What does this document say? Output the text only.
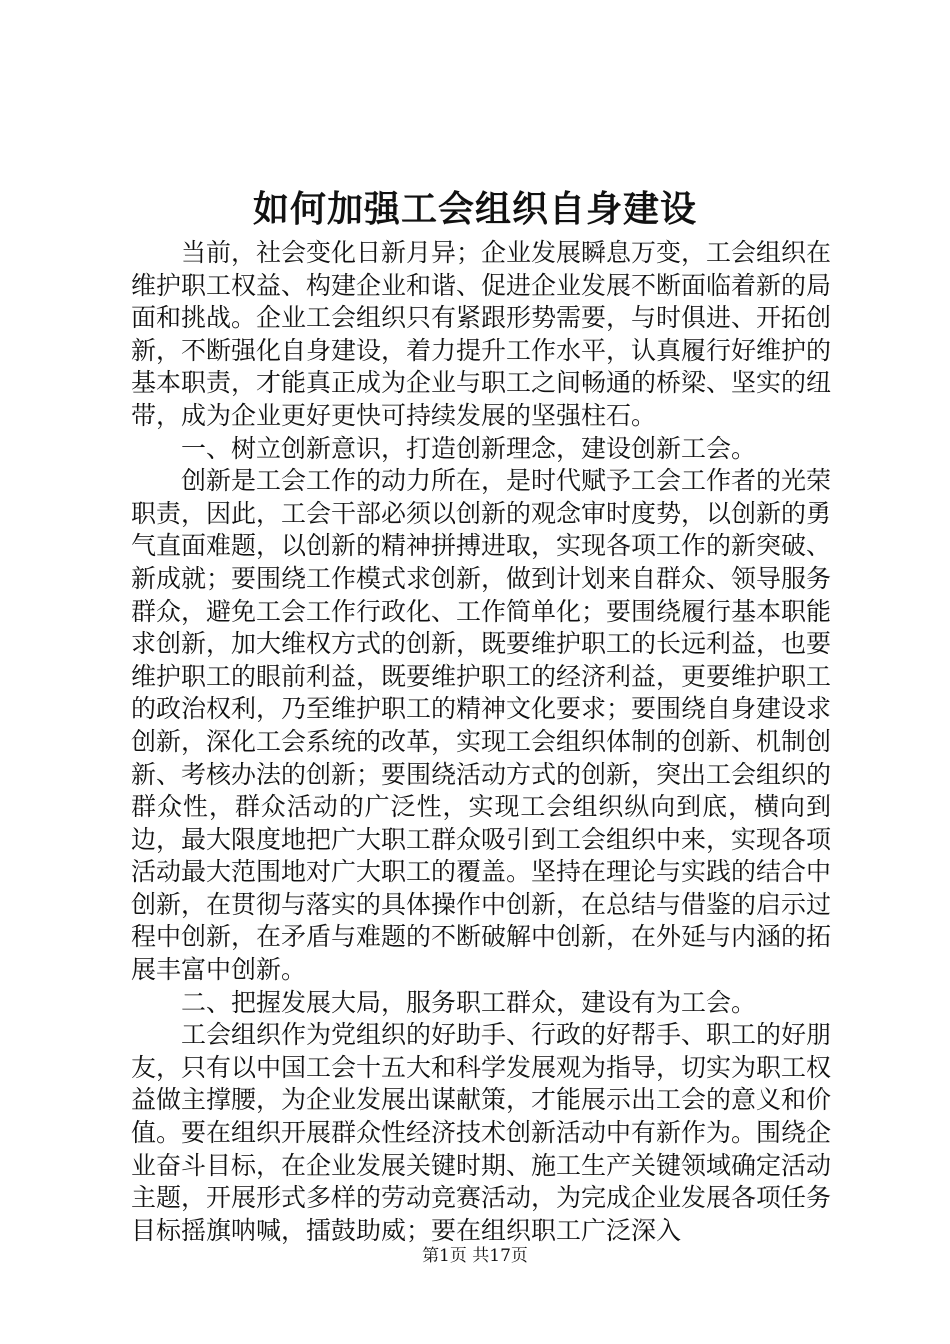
如何加强工会组织自身建设

当前，社会变化日新月异；企业发展瞬息万变，工会组织在维护职工权益、构建企业和谐、促进企业发展不断面临着新的局面和挑战。企业工会组织只有紧跟形势需要，与时俱进、开拓创新，不断强化自身建设，着力提升工作水平，认真履行好维护的基本职责，才能真正成为企业与职工之间畅通的桥梁、坚实的纽带，成为企业更好更快可持续发展的坚强柱石。

一、树立创新意识，打造创新理念，建设创新工会。

创新是工会工作的动力所在，是时代赋予工会工作者的光荣职责，因此，工会干部必须以创新的观念审时度势，以创新的勇气直面难题，以创新的精神拼搏进取，实现各项工作的新突破、新成就；要围绕工作模式求创新，做到计划来自群众、领导服务群众，避免工会工作行政化、工作简单化；要围绕履行基本职能求创新，加大维权方式的创新，既要维护职工的长远利益，也要维护职工的眼前利益，既要维护职工的经济利益，更要维护职工的政治权利，乃至维护职工的精神文化要求；要围绕自身建设求创新，深化工会系统的改革，实现工会组织体制的创新、机制创新、考核办法的创新；要围绕活动方式的创新，突出工会组织的群众性，群众活动的广泛性，实现工会组织纵向到底，横向到边，最大限度地把广大职工群众吸引到工会组织中来，实现各项活动最大范围地对广大职工的覆盖。坚持在理论与实践的结合中创新，在贯彻与落实的具体操作中创新，在总结与借鉴的启示过程中创新，在矛盾与难题的不断破解中创新，在外延与内涵的拓展丰富中创新。

二、把握发展大局，服务职工群众，建设有为工会。

工会组织作为党组织的好助手、行政的好帮手、职工的好朋友，只有以中国工会十五大和科学发展观为指导，切实为职工权益做主撑腰，为企业发展出谋献策，才能展示出工会的意义和价值。要在组织开展群众性经济技术创新活动中有新作为。围绕企业奋斗目标，在企业发展关键时期、施工生产关键领域确定活动主题，开展形式多样的劳动竞赛活动，为完成企业发展各项任务目标摇旗呐喊，擂鼓助威；要在组织职工广泛深入

第1页 共17页
